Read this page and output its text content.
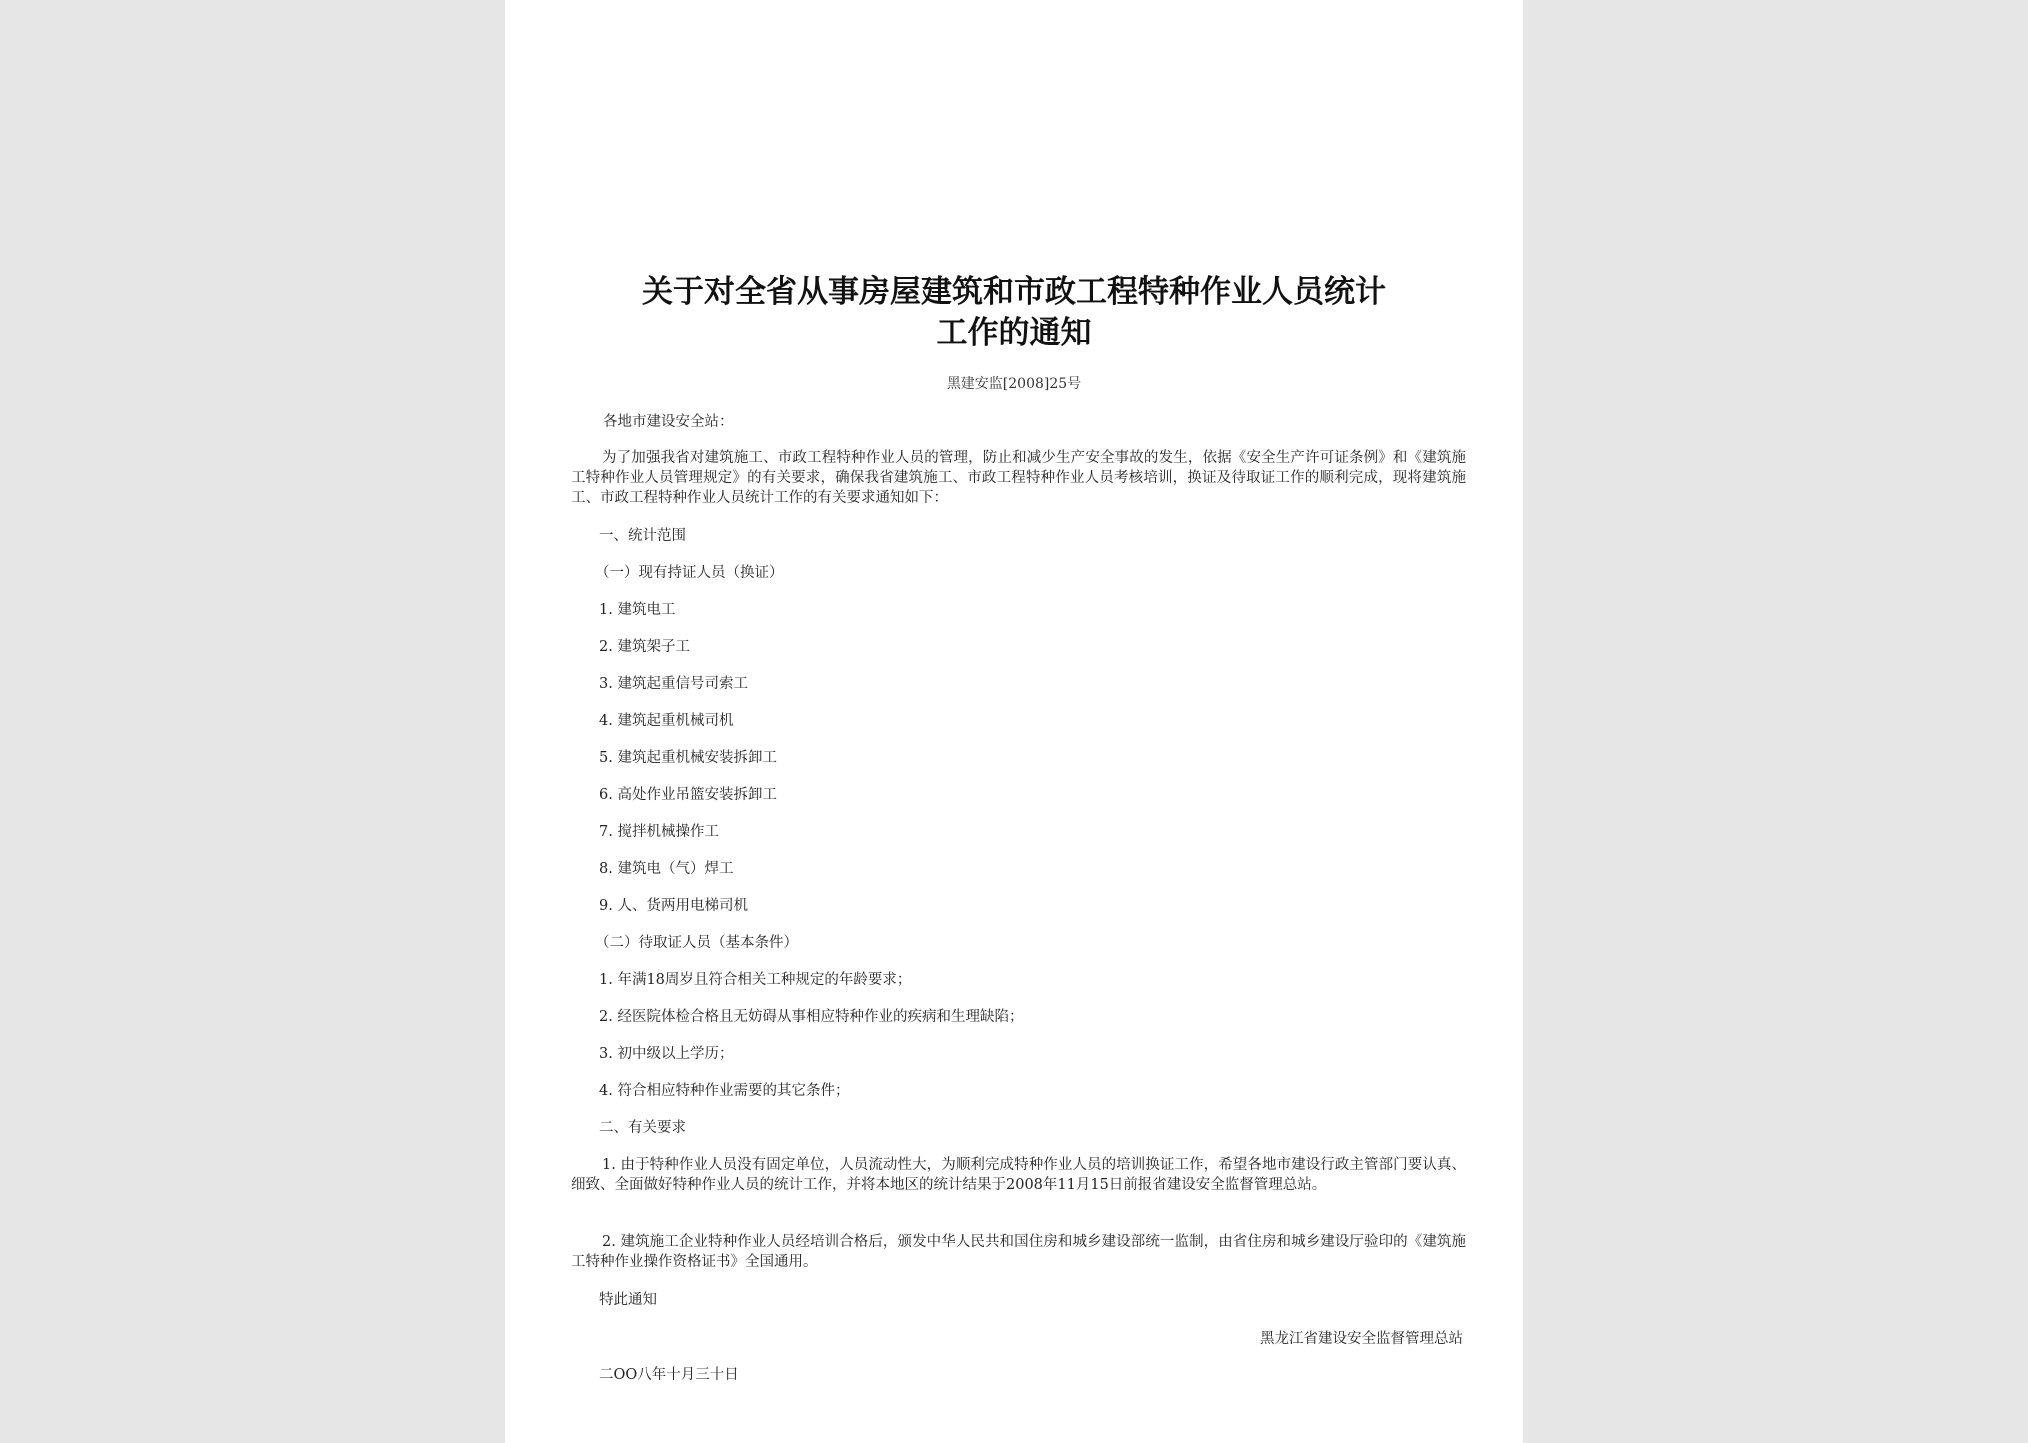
关于对全省从事房屋建筑和市政工程特种作业人员统计
工作的通知
黑建安监[2008]25号
各地市建设安全站：
为了加强我省对建筑施工、市政工程特种作业人员的管理，防止和减少生产安全事故的发生，依据《安全生产许可证条例》和《建筑施工特种作业人员管理规定》的有关要求，确保我省建筑施工、市政工程特种作业人员考核培训，换证及待取证工作的顺利完成，现将建筑施工、市政工程特种作业人员统计工作的有关要求通知如下：
一、统计范围
（一）现有持证人员（换证）
1. 建筑电工
2. 建筑架子工
3. 建筑起重信号司索工
4. 建筑起重机械司机
5. 建筑起重机械安装拆卸工
6. 高处作业吊篮安装拆卸工
7. 搅拌机械操作工
8. 建筑电（气）焊工
9. 人、货两用电梯司机
（二）待取证人员（基本条件）
1. 年满18周岁且符合相关工种规定的年龄要求；
2. 经医院体检合格且无妨碍从事相应特种作业的疾病和生理缺陷；
3. 初中级以上学历；
4. 符合相应特种作业需要的其它条件；
二、有关要求
1. 由于特种作业人员没有固定单位，人员流动性大，为顺利完成特种作业人员的培训换证工作，希望各地市建设行政主管部门要认真、细致、全面做好特种作业人员的统计工作，并将本地区的统计结果于2008年11月15日前报省建设安全监督管理总站。
2. 建筑施工企业特种作业人员经培训合格后，颁发中华人民共和国住房和城乡建设部统一监制，由省住房和城乡建设厅验印的《建筑施工特种作业操作资格证书》全国通用。
特此通知
黑龙江省建设安全监督管理总站
二OO八年十月三十日
